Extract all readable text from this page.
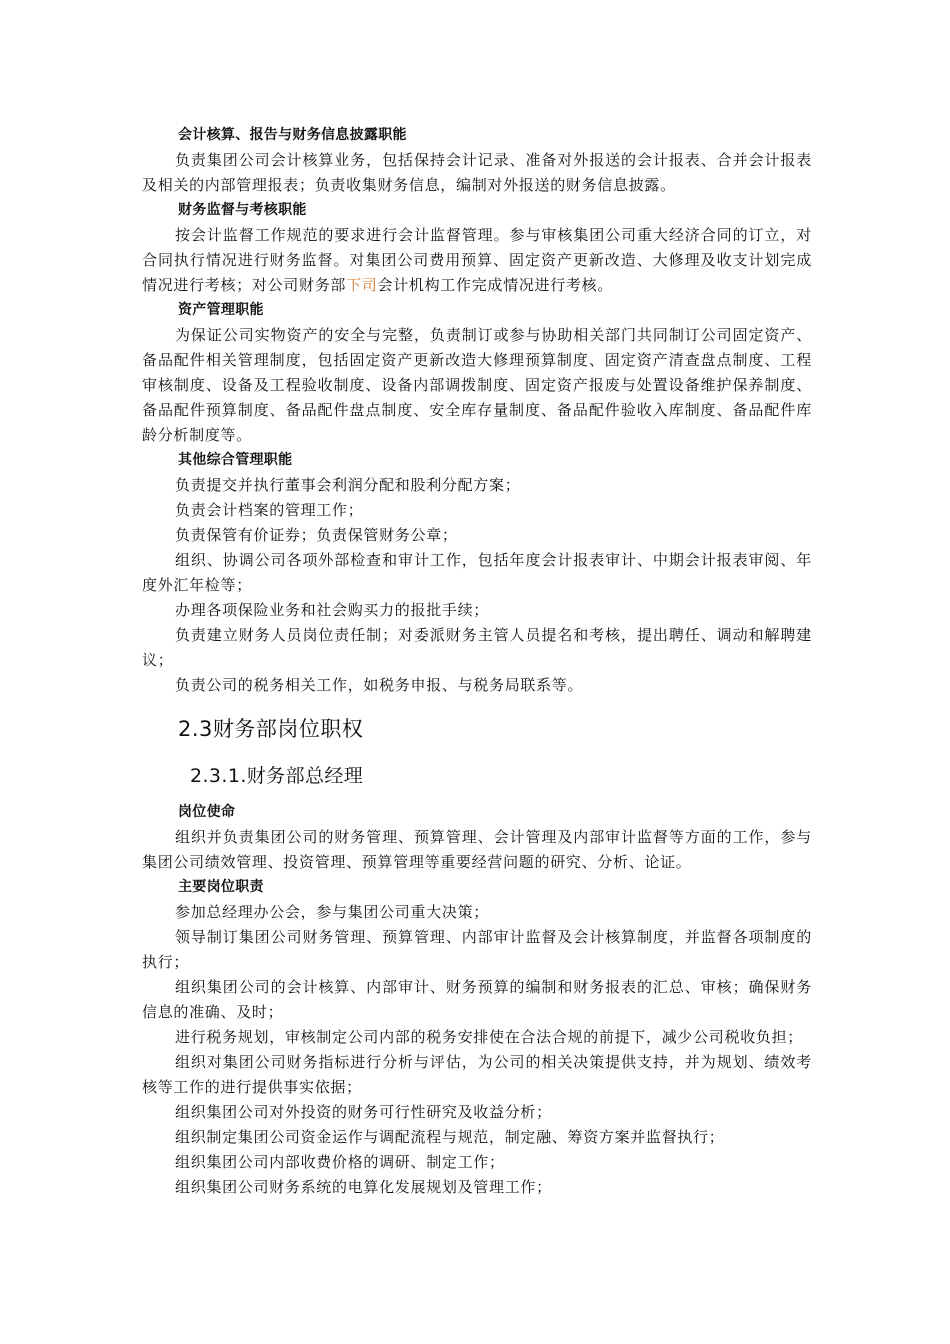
会计核算、报告与财务信息披露职能

负责集团公司会计核算业务，包括保持会计记录、准备对外报送的会计报表、合并会计报表及相关的内部管理报表；负责收集财务信息，编制对外报送的财务信息披露。

财务监督与考核职能

按会计监督工作规范的要求进行会计监督管理。参与审核集团公司重大经济合同的订立，对合同执行情况进行财务监督。对集团公司费用预算、固定资产更新改造、大修理及收支计划完成情况进行考核；对公司财务部下司会计机构工作完成情况进行考核。

资产管理职能

为保证公司实物资产的安全与完整，负责制订或参与协助相关部门共同制订公司固定资产、备品配件相关管理制度，包括固定资产更新改造大修理预算制度、固定资产清查盘点制度、工程审核制度、设备及工程验收制度、设备内部调拨制度、固定资产报废与处置设备维护保养制度、备品配件预算制度、备品配件盘点制度、安全库存量制度、备品配件验收入库制度、备品配件库龄分析制度等。

其他综合管理职能

负责提交并执行董事会利润分配和股利分配方案；

负责会计档案的管理工作；

负责保管有价证券；负责保管财务公章；

组织、协调公司各项外部检查和审计工作，包括年度会计报表审计、中期会计报表审阅、年度外汇年检等；

办理各项保险业务和社会购买力的报批手续；

负责建立财务人员岗位责任制；对委派财务主管人员提名和考核，提出聘任、调动和解聘建议；

负责公司的税务相关工作，如税务申报、与税务局联系等。

2.3财务部岗位职权
2.3.1.财务部总经理
岗位使命

组织并负责集团公司的财务管理、预算管理、会计管理及内部审计监督等方面的工作，参与集团公司绩效管理、投资管理、预算管理等重要经营问题的研究、分析、论证。

主要岗位职责

参加总经理办公会，参与集团公司重大决策；

领导制订集团公司财务管理、预算管理、内部审计监督及会计核算制度，并监督各项制度的执行；

组织集团公司的会计核算、内部审计、财务预算的编制和财务报表的汇总、审核；确保财务信息的准确、及时；

进行税务规划，审核制定公司内部的税务安排使在合法合规的前提下，减少公司税收负担；

组织对集团公司财务指标进行分析与评估，为公司的相关决策提供支持，并为规划、绩效考核等工作的进行提供事实依据；

组织集团公司对外投资的财务可行性研究及收益分析；

组织制定集团公司资金运作与调配流程与规范，制定融、筹资方案并监督执行；

组织集团公司内部收费价格的调研、制定工作；

组织集团公司财务系统的电算化发展规划及管理工作；
